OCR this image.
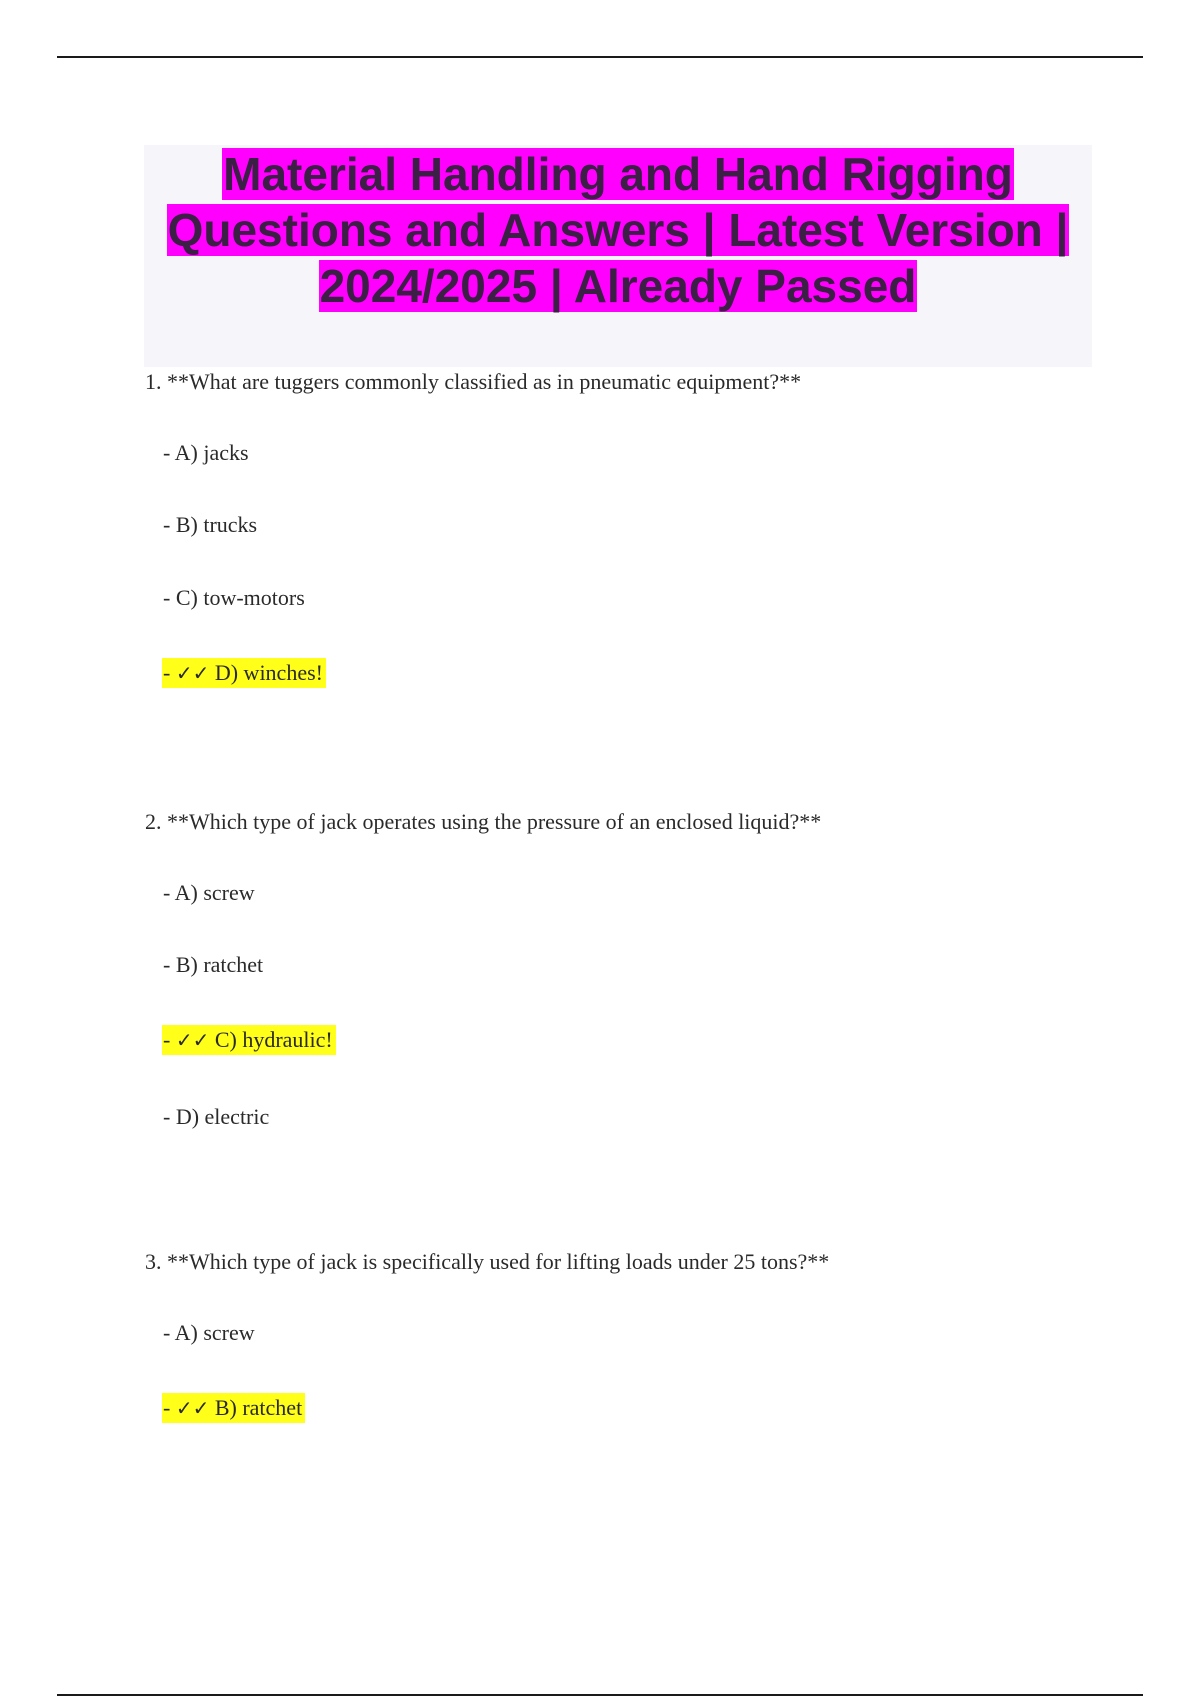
Material Handling and Hand Rigging Questions and Answers | Latest Version | 2024/2025 | Already Passed
1. **What are tuggers commonly classified as in pneumatic equipment?**
- A) jacks
- B) trucks
- C) tow-motors
- ✓✓ D) winches!
2. **Which type of jack operates using the pressure of an enclosed liquid?**
- A) screw
- B) ratchet
- ✓✓ C) hydraulic!
- D) electric
3. **Which type of jack is specifically used for lifting loads under 25 tons?**
- A) screw
- ✓✓ B) ratchet
